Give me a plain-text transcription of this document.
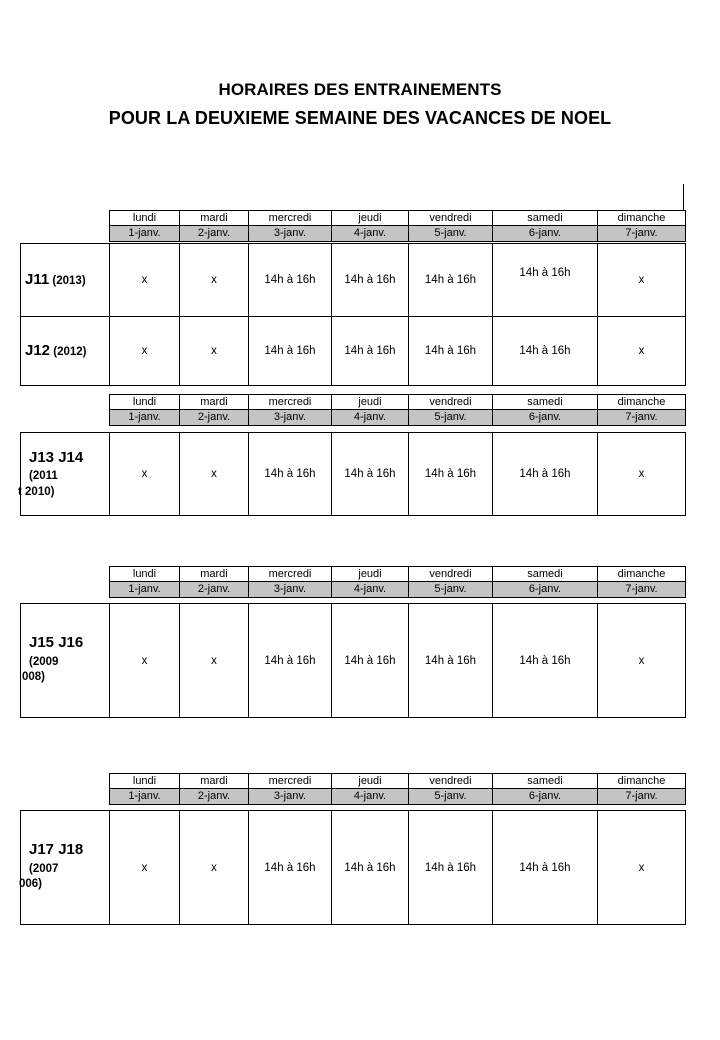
HORAIRES DES ENTRAINEMENTS
POUR LA DEUXIEME SEMAINE DES VACANCES DE NOEL
lundi	mardi	mercredi	jeudi	vendredi	samedi	dimanche
1-janv.	2-janv.	3-janv.	4-janv.	5-janv.	6-janv.	7-janv.
J11 (2013)	x	x	14h à 16h	14h à 16h	14h à 16h	14h à 16h	x
J12 (2012)	x	x	14h à 16h	14h à 16h	14h à 16h	14h à 16h	x
lundi	mardi	mercredi	jeudi	vendredi	samedi	dimanche
1-janv.	2-janv.	3-janv.	4-janv.	5-janv.	6-janv.	7-janv.
J13 J14
(2011
t 2010)
	x	x	14h à 16h	14h à 16h	14h à 16h	14h à 16h	x
lundi	mardi	mercredi	jeudi	vendredi	samedi	dimanche
1-janv.	2-janv.	3-janv.	4-janv.	5-janv.	6-janv.	7-janv.
J15 J16
(2009
008)
	x	x	14h à 16h	14h à 16h	14h à 16h	14h à 16h	x
lundi	mardi	mercredi	jeudi	vendredi	samedi	dimanche
1-janv.	2-janv.	3-janv.	4-janv.	5-janv.	6-janv.	7-janv.
J17 J18
(2007
006)
	x	x	14h à 16h	14h à 16h	14h à 16h	14h à 16h	x
